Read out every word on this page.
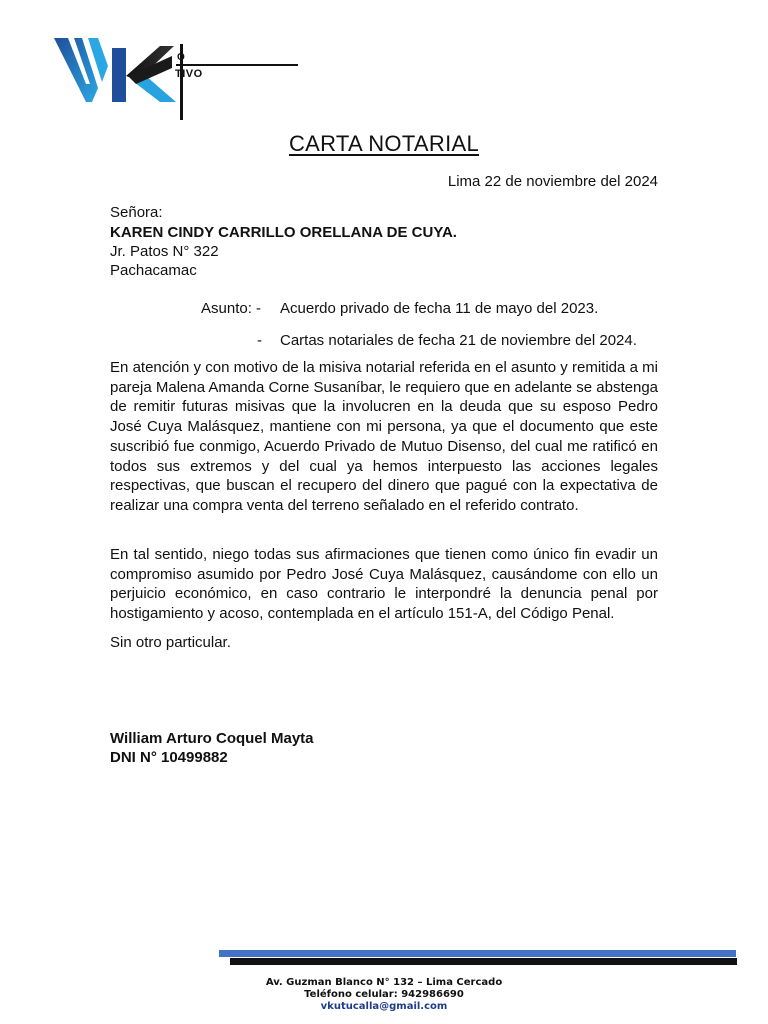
O
TIVO
CARTA NOTARIAL
Lima 22 de noviembre del 2024
Señora:
KAREN CINDY CARRILLO ORELLANA DE CUYA.
Jr. Patos N° 322
Pachacamac
Asunto: - Acuerdo privado de fecha 11 de mayo del 2023.
- Cartas notariales de fecha 21 de noviembre del 2024.
En atención y con motivo de la misiva notarial referida en el asunto y remitida a mi pareja Malena Amanda Corne Susaníbar, le requiero que en adelante se abstenga de remitir futuras misivas que la involucren en la deuda que su esposo Pedro José Cuya Malásquez, mantiene con mi persona, ya que el documento que este suscribió fue conmigo, Acuerdo Privado de Mutuo Disenso, del cual me ratificó en todos sus extremos y del cual ya hemos interpuesto las acciones legales respectivas, que buscan el recupero del dinero que pagué con la expectativa de realizar una compra venta del terreno señalado en el referido contrato.
En tal sentido, niego todas sus afirmaciones que tienen como único fin evadir un compromiso asumido por Pedro José Cuya Malásquez, causándome con ello un perjuicio económico, en caso contrario le interpondré la denuncia penal por hostigamiento y acoso, contemplada en el artículo 151-A, del Código Penal.
Sin otro particular.
William Arturo Coquel Mayta
DNI N° 10499882
Av. Guzman Blanco N° 132 – Lima Cercado
Teléfono celular: 942986690
vkutucalla@gmail.com
